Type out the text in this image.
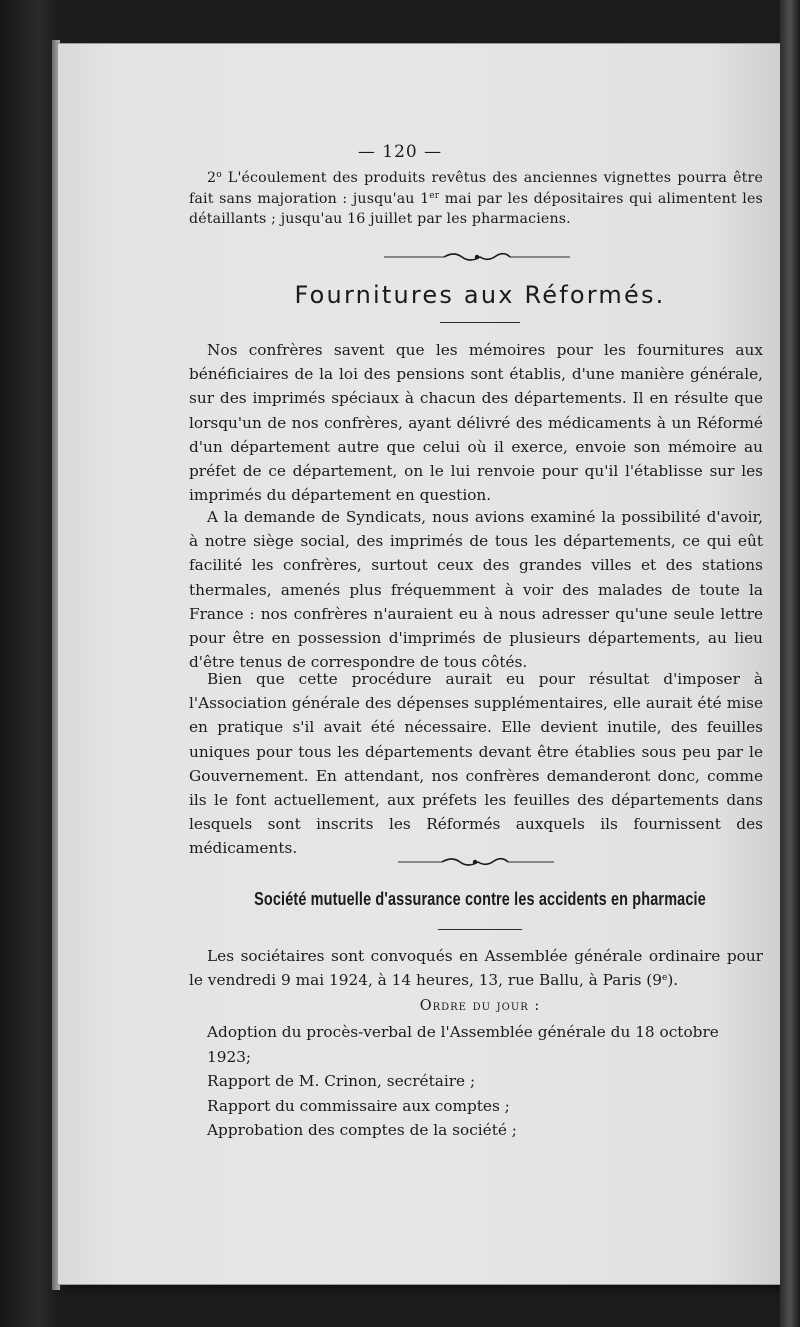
— 120 —

2$^o$ L'écoulement des produits revêtus des anciennes vignettes pourra être fait sans majoration : jusqu'au 1er mai par les dépositaires qui alimentent les détaillants ; jusqu'au 16 juillet par les pharmaciens.

Fournitures aux Réformés.

Nos confrères savent que les mémoires pour les fournitures aux bénéficiaires de la loi des pensions sont établis, d'une manière générale, sur des imprimés spéciaux à chacun des départements. Il en résulte que lorsqu'un de nos confrères, ayant délivré des médicaments à un Réformé d'un département autre que celui où il exerce, envoie son mémoire au préfet de ce département, on le lui renvoie pour qu'il l'établisse sur les imprimés du département en question.

A la demande de Syndicats, nous avions examiné la possibilité d'avoir, à notre siège social, des imprimés de tous les départements, ce qui eût facilité les confrères, surtout ceux des grandes villes et des stations thermales, amenés plus fréquemment à voir des malades de toute la France : nos confrères n'auraient eu à nous adresser qu'une seule lettre pour être en possession d'imprimés de plusieurs départements, au lieu d'être tenus de correspondre de tous côtés.

Bien que cette procédure aurait eu pour résultat d'imposer à l'Association générale des dépenses supplémentaires, elle aurait été mise en pratique s'il avait été nécessaire. Elle devient inutile, des feuilles uniques pour tous les départements devant être établies sous peu par le Gouvernement. En attendant, nos confrères demanderont donc, comme ils le font actuellement, aux préfets les feuilles des départements dans lesquels sont inscrits les Réformés auxquels ils fournissent des médicaments.

Société mutuelle d'assurance contre les accidents en pharmacie

Les sociétaires sont convoqués en Assemblée générale ordinaire pour le vendredi 9 mai 1924, à 14 heures, 13, rue Ballu, à Paris (9e).

Ordre du jour :
Adoption du procès-verbal de l'Assemblée générale du 18 octobre 1923;
Rapport de M. Crinon, secrétaire ;
Rapport du commissaire aux comptes ;
Approbation des comptes de la société ;
